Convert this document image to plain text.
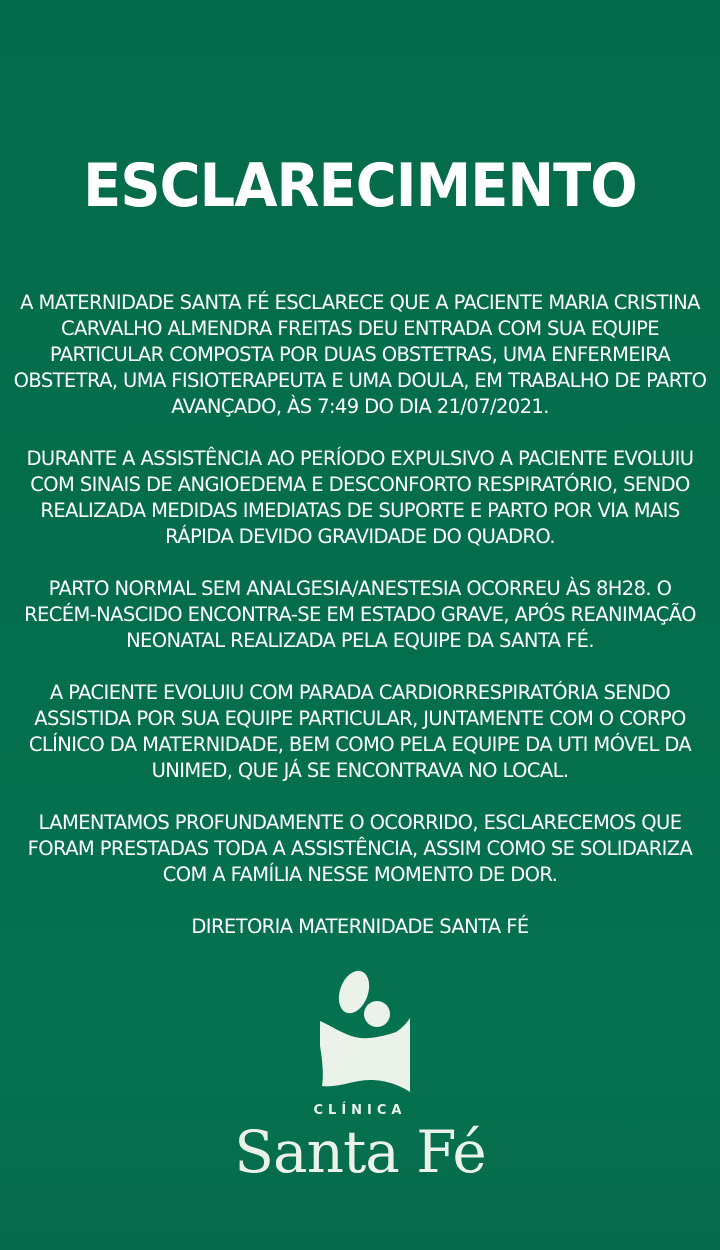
ESCLARECIMENTO

A MATERNIDADE SANTA FÉ ESCLARECE QUE A PACIENTE MARIA CRISTINA CARVALHO ALMENDRA FREITAS DEU ENTRADA COM SUA EQUIPE PARTICULAR COMPOSTA POR DUAS OBSTETRAS, UMA ENFERMEIRA OBSTETRA, UMA FISIOTERAPEUTA E UMA DOULA, EM TRABALHO DE PARTO AVANÇADO, ÀS 7:49 DO DIA 21/07/2021.

DURANTE A ASSISTÊNCIA AO PERÍODO EXPULSIVO A PACIENTE EVOLUIU COM SINAIS DE ANGIOEDEMA E DESCONFORTO RESPIRATÓRIO, SENDO REALIZADA MEDIDAS IMEDIATAS DE SUPORTE E PARTO POR VIA MAIS RÁPIDA DEVIDO GRAVIDADE DO QUADRO.

PARTO NORMAL SEM ANALGESIA/ANESTESIA OCORREU ÀS 8H28. O RECÉM-NASCIDO ENCONTRA-SE EM ESTADO GRAVE, APÓS REANIMAÇÃO NEONATAL REALIZADA PELA EQUIPE DA SANTA FÉ.

A PACIENTE EVOLUIU COM PARADA CARDIORRESPIRATÓRIA SENDO ASSISTIDA POR SUA EQUIPE PARTICULAR, JUNTAMENTE COM O CORPO CLÍNICO DA MATERNIDADE, BEM COMO PELA EQUIPE DA UTI MÓVEL DA UNIMED, QUE JÁ SE ENCONTRAVA NO LOCAL.

LAMENTAMOS PROFUNDAMENTE O OCORRIDO, ESCLARECEMOS QUE FORAM PRESTADAS TODA A ASSISTÊNCIA, ASSIM COMO SE SOLIDARIZA COM A FAMÍLIA NESSE MOMENTO DE DOR.

DIRETORIA MATERNIDADE SANTA FÉ

CLÍNICA
Santa Fé
